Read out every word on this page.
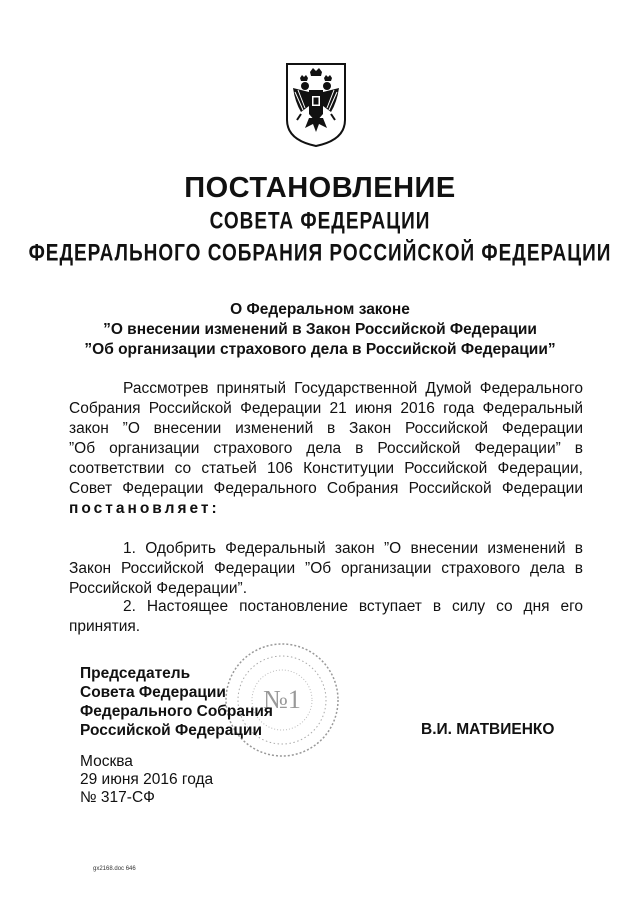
ПОСТАНОВЛЕНИЕ
СОВЕТА ФЕДЕРАЦИИ
ФЕДЕРАЛЬНОГО СОБРАНИЯ РОССИЙСКОЙ ФЕДЕРАЦИИ
О Федеральном законе
”О внесении изменений в Закон Российской Федерации
”Об организации страхового дела в Российской Федерации”
Рассмотрев принятый Государственной Думой Федерального
Собрания Российской Федерации 21 июня 2016 года Федеральный
закон ”О внесении изменений в Закон Российской Федерации
”Об организации страхового дела в Российской Федерации” в
соответствии со статьей 106 Конституции Российской Федерации,
Совет Федерации Федерального Собрания Российской Федерации
постановляет:
1. Одобрить Федеральный закон ”О внесении изменений в
Закон Российской Федерации ”Об организации страхового дела в
Российской Федерации”.
2. Настоящее постановление вступает в силу со дня его
принятия.
№1
Председатель
Совета Федерации
Федерального Собрания
Российской Федерации	В.И. МАТВИЕНКО
Москва
29 июня 2016 года
№ 317-СФ
gx2168.doc 646
